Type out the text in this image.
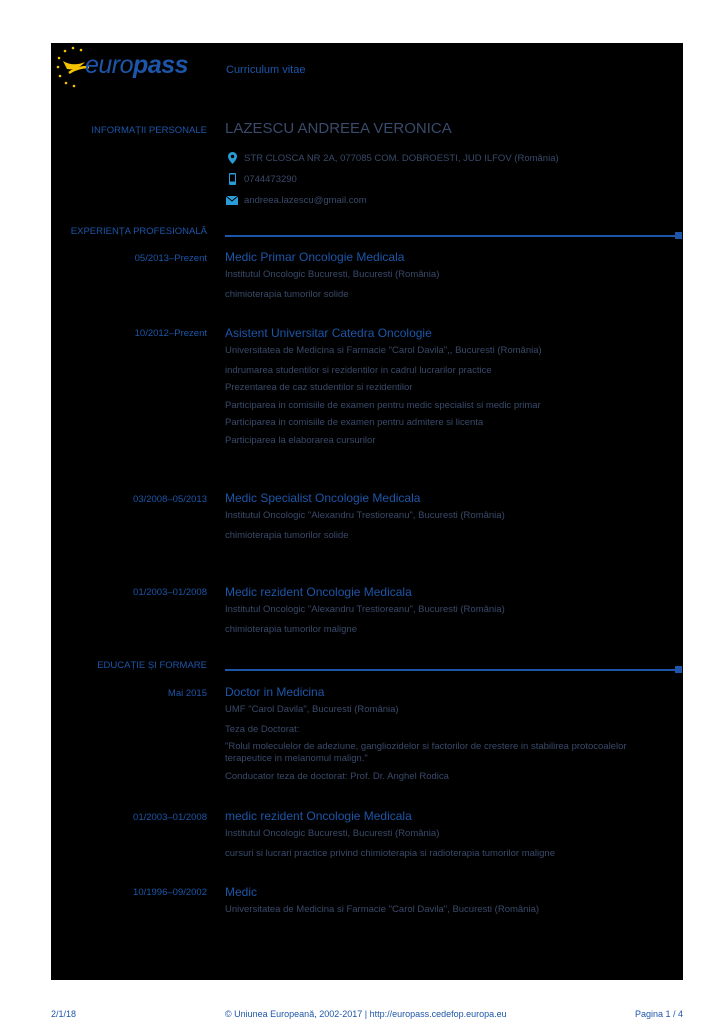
europass	Curriculum vitae
INFORMAȚII PERSONALE LAZESCU ANDREEA VERONICA
STR CLOSCA NR 2A, 077085 COM. DOBROESTI, JUD ILFOV (România)
0744473290
andreea.lazescu@gmail.com
EXPERIENȚA PROFESIONALĂ
05/2013–Prezent Medic Primar Oncologie Medicala
Institutul Oncologic Bucuresti, Bucuresti (România)
chimioterapia tumorilor solide
10/2012–Prezent Asistent Universitar Catedra Oncologie
Universitatea de Medicina si Farmacie "Carol Davila",, Bucuresti (România)
indrumarea studentilor si rezidentilor in cadrul lucrarilor practice
Prezentarea de caz studentilor si rezidentilor
Participarea in comisiile de examen pentru medic specialist si medic primar
Participarea in comisiile de examen pentru admitere si licenta
Participarea la elaborarea cursurilor
03/2008–05/2013 Medic Specialist Oncologie Medicala
Institutul Oncologic "Alexandru Trestioreanu", Bucuresti (România)
chimioterapia tumorilor solide
01/2003–01/2008 Medic rezident Oncologie Medicala
Institutul Oncologic "Alexandru Trestioreanu", Bucuresti (România)
chimioterapia tumorilor maligne
EDUCAȚIE ȘI FORMARE
Mai 2015 Doctor in Medicina
UMF "Carol Davila", Bucuresti (România)
Teza de Doctorat:
"Rolul moleculelor de adeziune, gangliozidelor si factorilor de crestere in stabilirea protocoalelor terapeutice in melanomul malign."
Conducator teza de doctorat: Prof. Dr. Anghel Rodica
01/2003–01/2008 medic rezident Oncologie Medicala
Institutul Oncologic Bucuresti, Bucuresti (România)
cursuri si lucrari practice privind chimioterapia si radioterapia tumorilor maligne
10/1996–09/2002 Medic
Universitatea de Medicina si Farmacie "Carol Davila", Bucuresti (România)
2/1/18	© Uniunea Europeană, 2002-2017 | http://europass.cedefop.europa.eu	Pagina 1 / 4
